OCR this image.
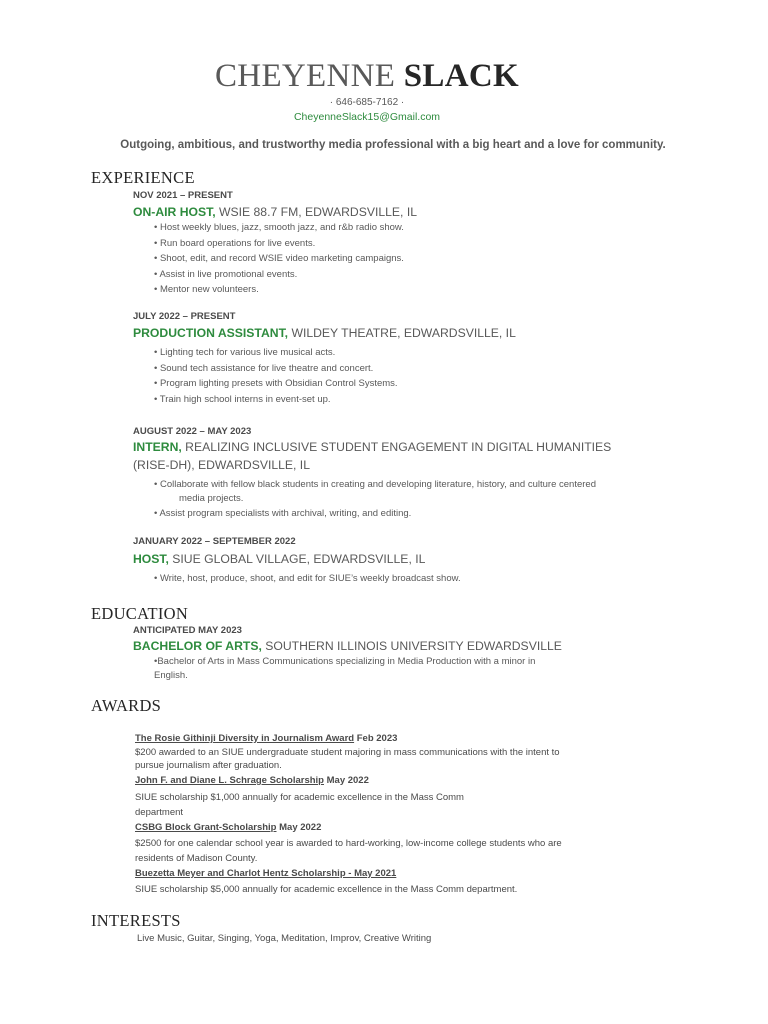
CHEYENNE SLACK
· 646-685-7162 ·
CheyenneSlack15@Gmail.com
Outgoing, ambitious, and trustworthy media professional with a big heart and a love for community.
EXPERIENCE
NOV 2021 – PRESENT
ON-AIR HOST, WSIE 88.7 FM, EDWARDSVILLE, IL
• Host weekly blues, jazz, smooth jazz, and r&b radio show.
• Run board operations for live events.
• Shoot, edit, and record WSIE video marketing campaigns.
• Assist in live promotional events.
• Mentor new volunteers.
JULY 2022 – PRESENT
PRODUCTION ASSISTANT, WILDEY THEATRE, EDWARDSVILLE, IL
• Lighting tech for various live musical acts.
• Sound tech assistance for live theatre and concert.
• Program lighting presets with Obsidian Control Systems.
• Train high school interns in event-set up.
AUGUST 2022 – MAY 2023
INTERN, REALIZING INCLUSIVE STUDENT ENGAGEMENT IN DIGITAL HUMANITIES
(RISE-DH), EDWARDSVILLE, IL
• Collaborate with fellow black students in creating and developing literature, history, and culture centered
media projects.
• Assist program specialists with archival, writing, and editing.
JANUARY 2022 – SEPTEMBER 2022
HOST, SIUE GLOBAL VILLAGE, EDWARDSVILLE, IL
• Write, host, produce, shoot, and edit for SIUE’s weekly broadcast show.
EDUCATION
ANTICIPATED MAY 2023
BACHELOR OF ARTS, SOUTHERN ILLINOIS UNIVERSITY EDWARDSVILLE
•Bachelor of Arts in Mass Communications specializing in Media Production with a minor in
English.
AWARDS
The Rosie Githinji Diversity in Journalism Award Feb 2023
$200 awarded to an SIUE undergraduate student majoring in mass communications with the intent to
pursue journalism after graduation.
John F. and Diane L. Schrage Scholarship May 2022
SIUE scholarship $1,000 annually for academic excellence in the Mass Comm
department
CSBG Block Grant-Scholarship May 2022
$2500 for one calendar school year is awarded to hard-working, low-income college students who are
residents of Madison County.
Buezetta Meyer and Charlot Hentz Scholarship - May 2021
SIUE scholarship $5,000 annually for academic excellence in the Mass Comm department.
INTERESTS
Live Music, Guitar, Singing, Yoga, Meditation, Improv, Creative Writing
